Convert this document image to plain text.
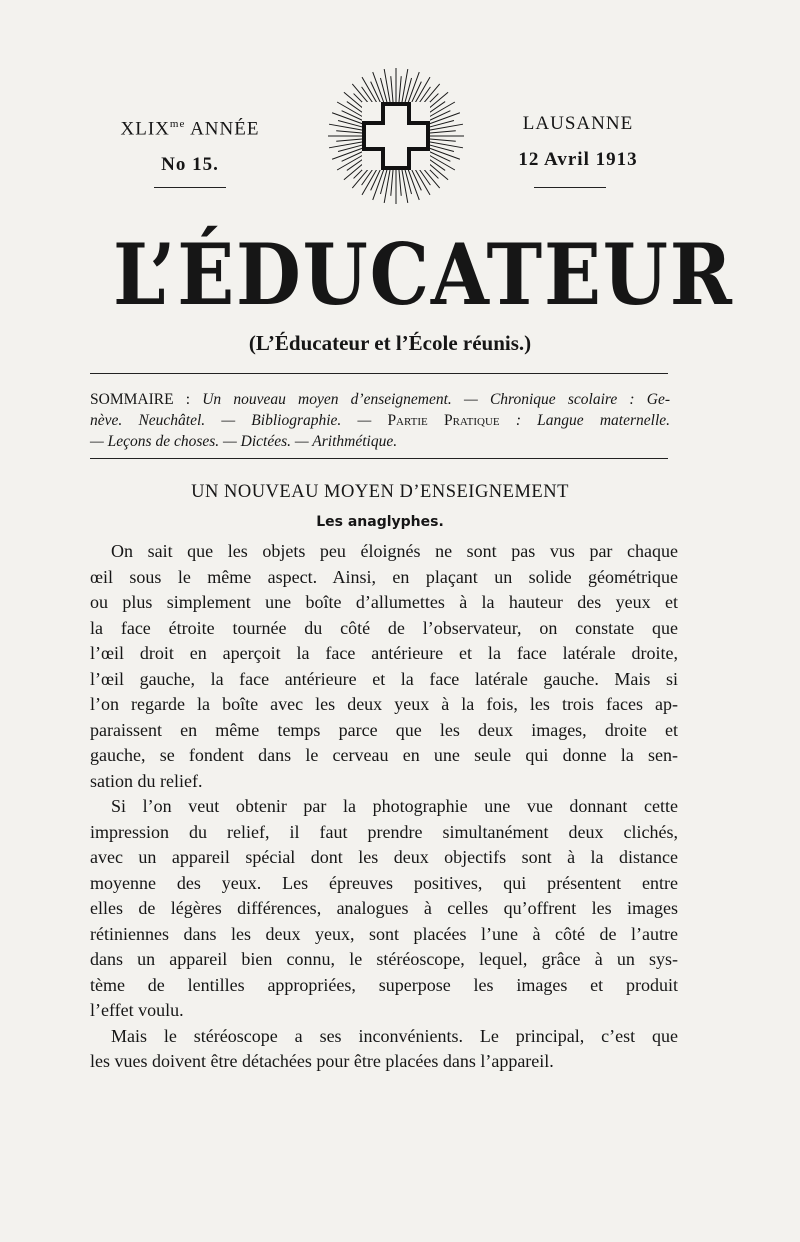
$XLIX^{me}$ ANNÉE
No 15.
LAUSANNE
12 Avril 1913
L’ÉDUCATEUR
(L’Éducateur et l’École réunis.)
SOMMAIRE : Un nouveau moyen d’enseignement. — Chronique scolaire : Ge-
nève. Neuchâtel. — Bibliographie. — Partie Pratique : Langue maternelle.
— Leçons de choses. — Dictées. — Arithmétique.
UN NOUVEAU MOYEN D’ENSEIGNEMENT
Les anaglyphes.
On sait que les objets peu éloignés ne sont pas vus par chaque
œil sous le même aspect. Ainsi, en plaçant un solide géométrique
ou plus simplement une boîte d’allumettes à la hauteur des yeux et
la face étroite tournée du côté de l’observateur, on constate que
l’œil droit en aperçoit la face antérieure et la face latérale droite,
l’œil gauche, la face antérieure et la face latérale gauche. Mais si
l’on regarde la boîte avec les deux yeux à la fois, les trois faces ap-
paraissent en même temps parce que les deux images, droite et
gauche, se fondent dans le cerveau en une seule qui donne la sen-
sation du relief.
Si l’on veut obtenir par la photographie une vue donnant cette
impression du relief, il faut prendre simultanément deux clichés,
avec un appareil spécial dont les deux objectifs sont à la distance
moyenne des yeux. Les épreuves positives, qui présentent entre
elles de légères différences, analogues à celles qu’offrent les images
rétiniennes dans les deux yeux, sont placées l’une à côté de l’autre
dans un appareil bien connu, le stéréoscope, lequel, grâce à un sys-
tème de lentilles appropriées, superpose les images et produit
l’effet voulu.
Mais le stéréoscope a ses inconvénients. Le principal, c’est que
les vues doivent être détachées pour être placées dans l’appareil.
